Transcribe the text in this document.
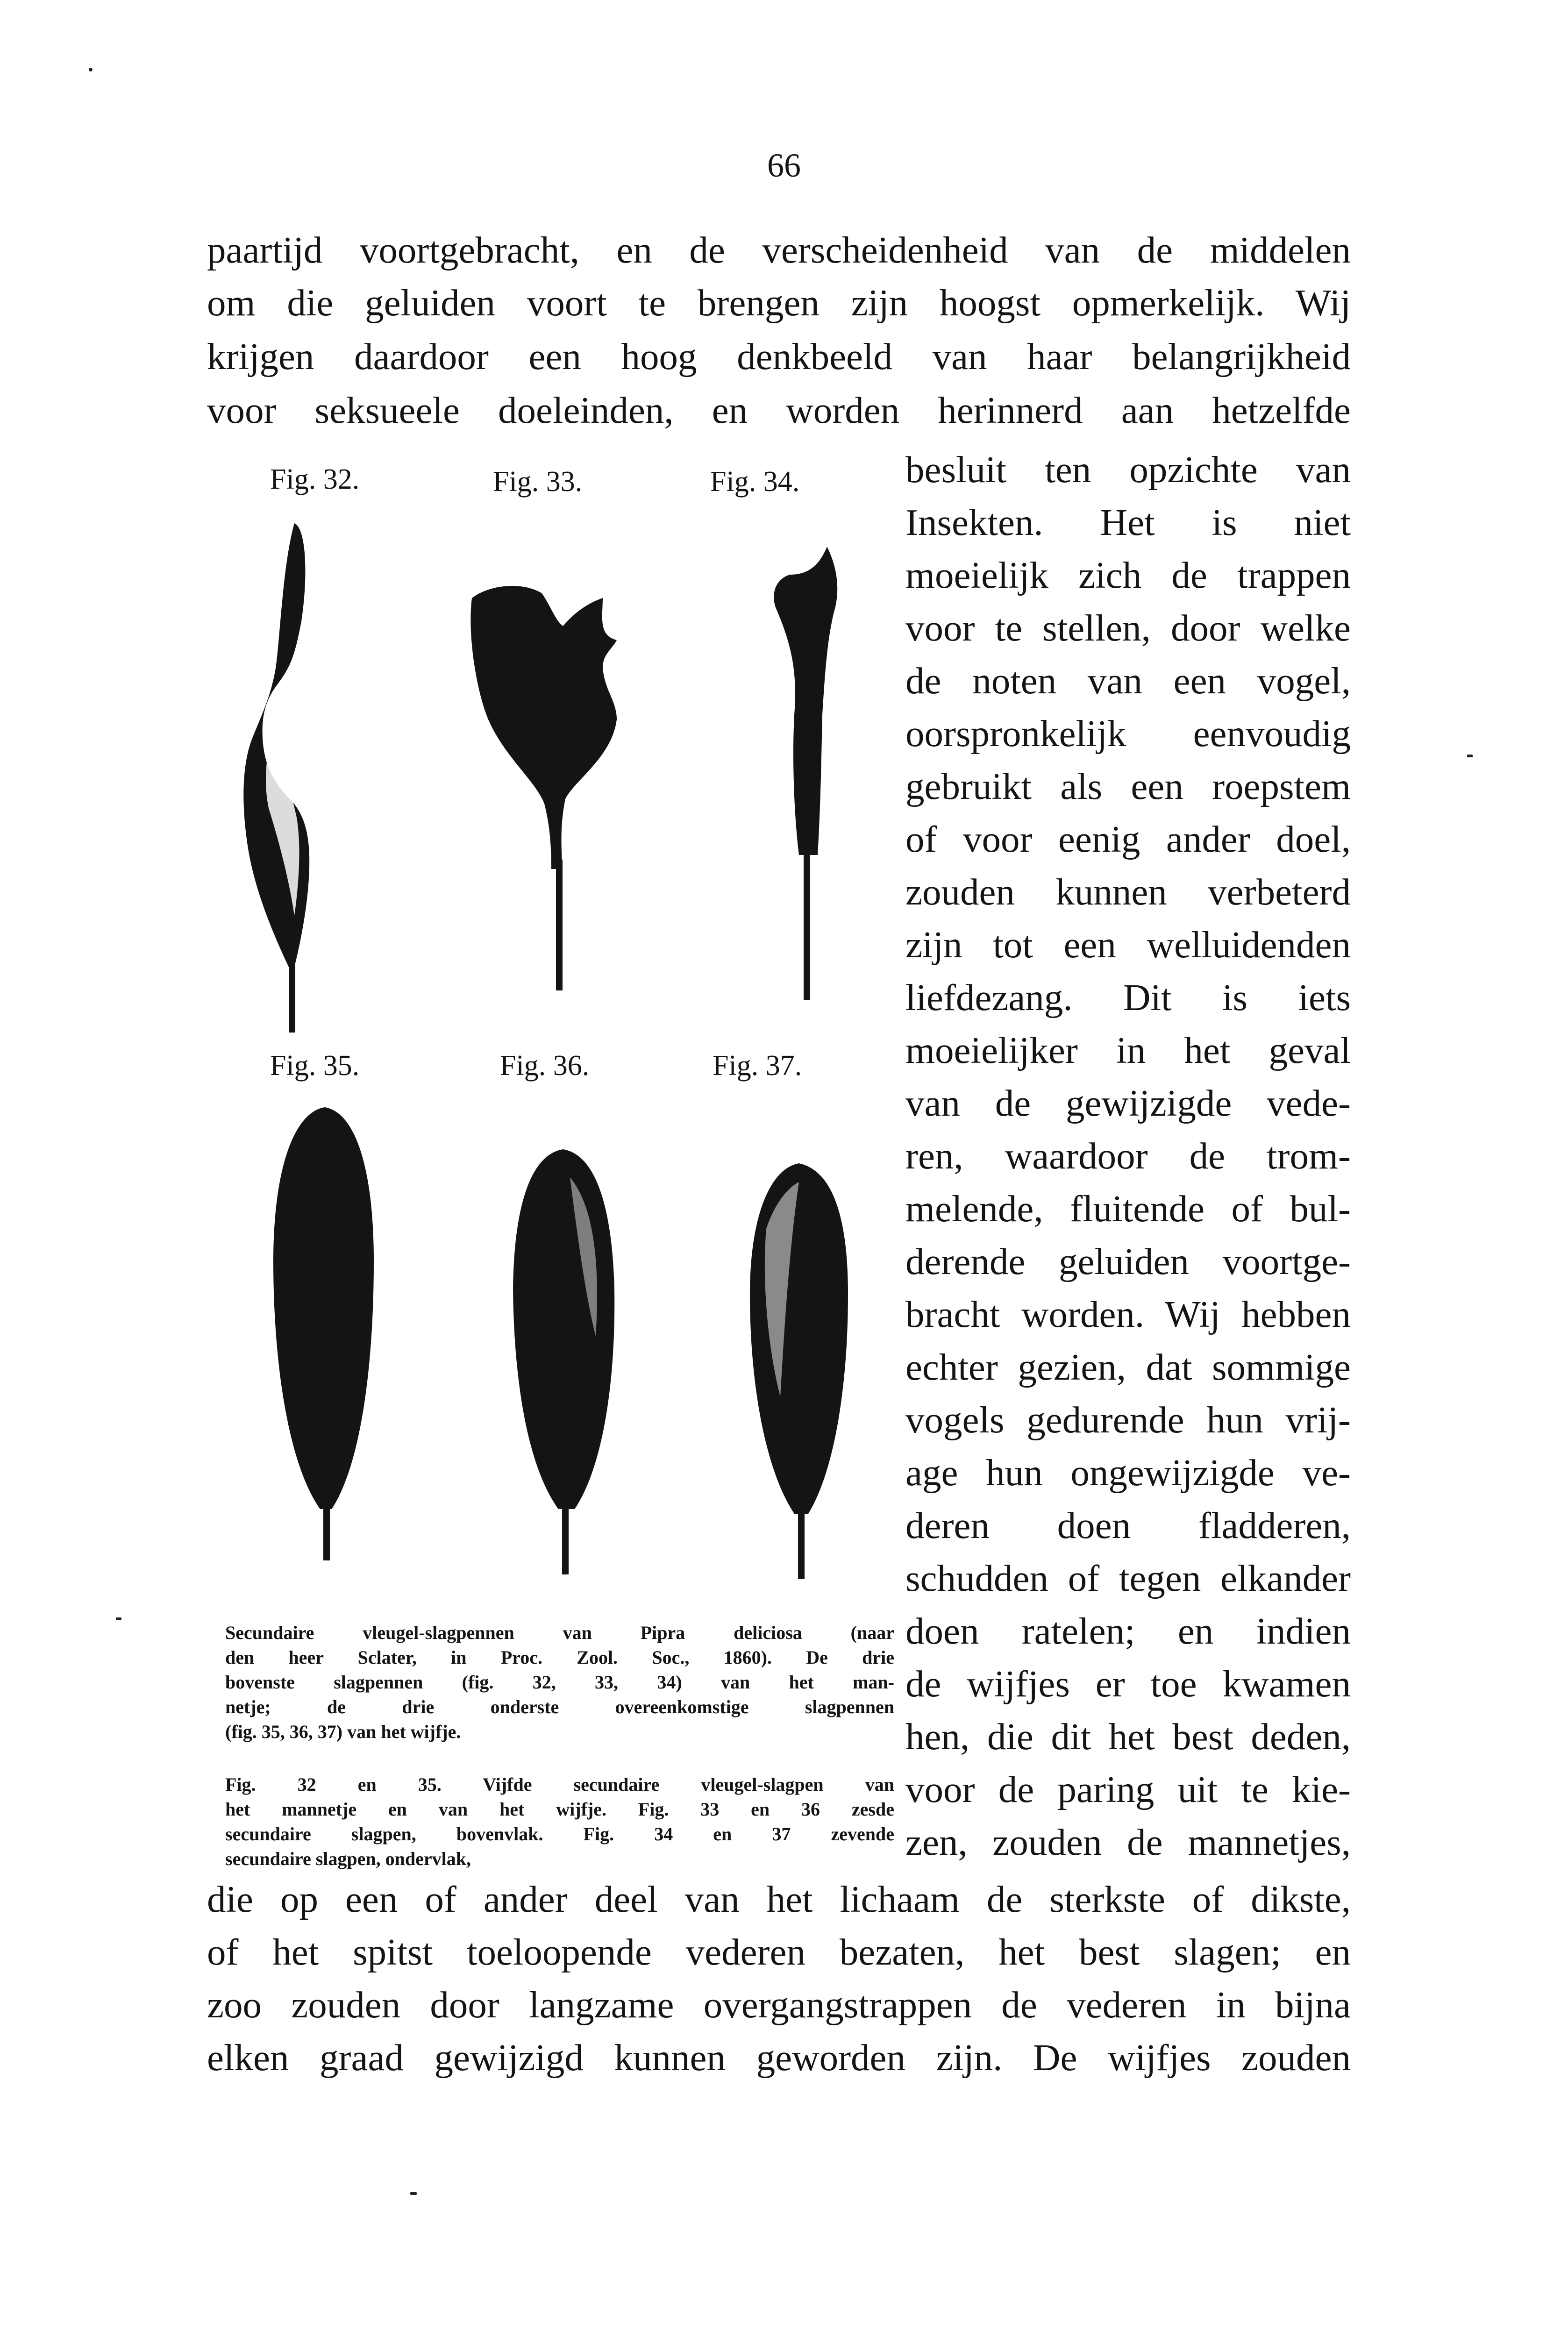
66
paartijd voortgebracht, en de verscheidenheid van de middelen
om die geluiden voort te brengen zijn hoogst opmerkelijk. Wij
krijgen daardoor een hoog denkbeeld van haar belangrijkheid
voor seksueele doeleinden, en worden herinnerd aan hetzelfde
besluit ten opzichte van
Insekten. Het is niet
moeielijk zich de trappen
voor te stellen, door welke
de noten van een vogel,
oorspronkelijk eenvoudig
gebruikt als een roepstem
of voor eenig ander doel,
zouden kunnen verbeterd
zijn tot een welluidenden
liefdezang. Dit is iets
moeielijker in het geval
van de gewijzigde vede-
ren, waardoor de trom-
melende, fluitende of bul-
derende geluiden voortge-
bracht worden. Wij hebben
echter gezien, dat sommige
vogels gedurende hun vrij-
age hun ongewijzigde ve-
deren doen fladderen,
schudden of tegen elkander
doen ratelen; en indien
de wijfjes er toe kwamen
hen, die dit het best deden,
voor de paring uit te kie-
zen, zouden de mannetjes,
die op een of ander deel van het lichaam de sterkste of dikste,
of het spitst toeloopende vederen bezaten, het best slagen; en
zoo zouden door langzame overgangstrappen de vederen in bijna
elken graad gewijzigd kunnen geworden zijn. De wijfjes zouden
Fig. 32.	Fig. 33.	Fig. 34.
Fig. 35.	Fig. 36.	Fig. 37.
Secundaire vleugel-slagpennen van Pipra deliciosa (naar
den heer Sclater, in Proc. Zool. Soc., 1860). De drie
bovenste slagpennen (fig. 32, 33, 34) van het man-
netje; de drie onderste overeenkomstige slagpennen
(fig. 35, 36, 37) van het wijfje.
Fig. 32 en 35. Vijfde secundaire vleugel-slagpen van
het mannetje en van het wijfje. Fig. 33 en 36 zesde
secundaire slagpen, bovenvlak. Fig. 34 en 37 zevende
secundaire slagpen, ondervlak,
